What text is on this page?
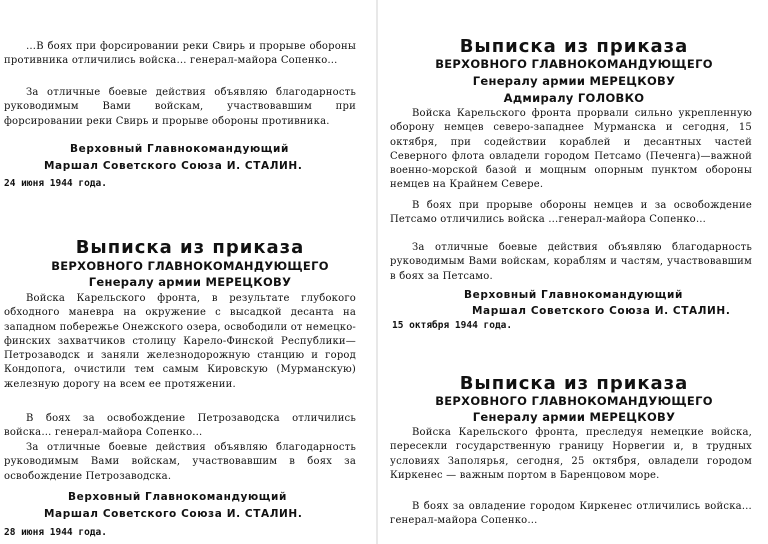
…В боях при форсировании реки Свирь и прорыве обороны противника отличились войска… генерал-майора Сопенко…
За отличные боевые действия объявляю благодарность руководимым Вами войскам, участвовавшим при форсировании реки Свирь и прорыве обороны противника.
Верховный Главнокомандующий
Маршал Советского Союза И. СТАЛИН.
24 июня 1944 года.
Выписка из приказа
ВЕРХОВНОГО ГЛАВНОКОМАНДУЮЩЕГО
Генералу армии МЕРЕЦКОВУ
Войска Карельского фронта, в результате глубокого обходного маневра на окружение с высадкой десанта на западном побережье Онежского озера, освободили от немецко-финских захватчиков столицу Карело-Финской Республики—Петрозаводск и заняли железнодорожную станцию и город Кондопога, очистили тем самым Кировскую (Мурманскую) железную дорогу на всем ее протяжении.
В боях за освобождение Петрозаводска отличились войска… генерал-майора Сопенко…
За отличные боевые действия объявляю благодарность руководимым Вами войскам, участвовавшим в боях за освобождение Петрозаводска.
Верховный Главнокомандующий
Маршал Советского Союза И. СТАЛИН.
28 июня 1944 года.
Выписка из приказа
ВЕРХОВНОГО ГЛАВНОКОМАНДУЮЩЕГО
Генералу армии МЕРЕЦКОВУ
Адмиралу ГОЛОВКО
Войска Карельского фронта прорвали сильно укрепленную оборону немцев северо-западнее Мурманска и сегодня, 15 октября, при содействии кораблей и десантных частей Северного флота овладели городом Петсамо (Печенга)—важной военно-морской базой и мощным опорным пунктом обороны немцев на Крайнем Севере.
В боях при прорыве обороны немцев и за освобождение Петсамо отличились войска …генерал-майора Сопенко…
За отличные боевые действия объявляю благодарность руководимым Вами войскам, кораблям и частям, участвовавшим в боях за Петсамо.
Верховный Главнокомандующий
Маршал Советского Союза И. СТАЛИН.
15 октября 1944 года.
Выписка из приказа
ВЕРХОВНОГО ГЛАВНОКОМАНДУЮЩЕГО
Генералу армии МЕРЕЦКОВУ
Войска Карельского фронта, преследуя немецкие войска, пересекли государственную границу Норвегии и, в трудных условиях Заполярья, сегодня, 25 октября, овладели городом Киркенес — важным портом в Баренцовом море.
В боях за овладение городом Киркенес отличились войска… генерал-майора Сопенко…
